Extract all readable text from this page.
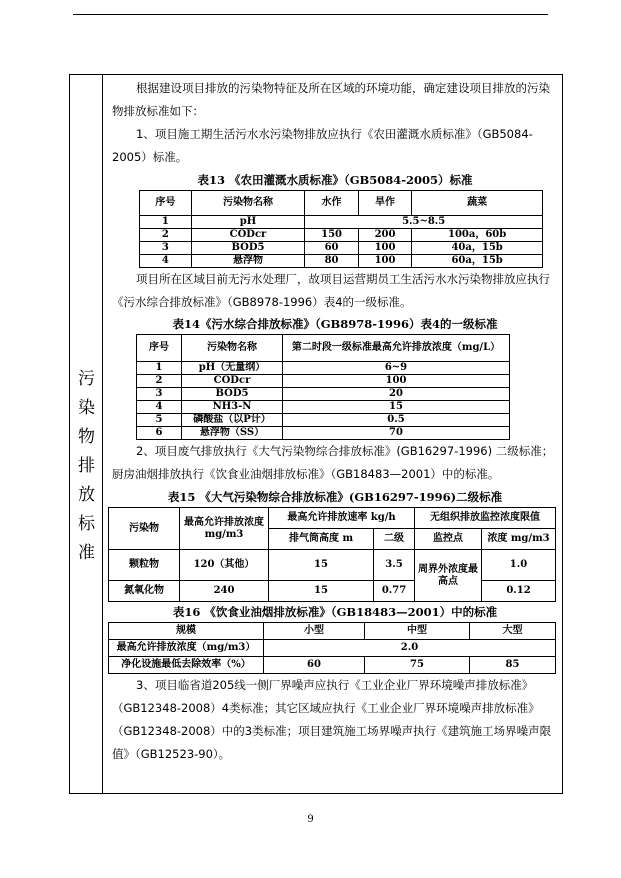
污
染
物
排
放
标
准

根据建设项目排放的污染物特征及所在区域的环境功能，确定建设项目排放的污染物排放标准如下：

1、项目施工期生活污水水污染物排放应执行《农田灌溉水质标准》（GB5084-2005）标准。

表13 《农田灌溉水质标准》（GB5084-2005）标准

序号	污染物名称	水作	旱作	蔬菜
1	pH	5.5~8.5		
2	CODcr	150	200	100a，60b
3	BOD5	60	100	40a，15b
4	悬浮物	80	100	60a，15b

项目所在区域目前无污水处理厂，故项目运营期员工生活污水水污染物排放应执行《污水综合排放标准》（GB8978-1996）表4的一级标准。

表14《污水综合排放标准》（GB8978-1996）表4的一级标准

序号	污染物名称	第二时段一级标准最高允许排放浓度（mg/L）
1	pH（无量纲）	6~9
2	CODcr	100
3	BOD5	20
4	NH3-N	15
5	磷酸盐（以P计）	0.5
6	悬浮物（SS）	70

2、项目废气排放执行《大气污染物综合排放标准》(GB16297-1996) 二级标准；厨房油烟排放执行《饮食业油烟排放标准》（GB18483—2001）中的标准。

表15 《大气污染物综合排放标准》(GB16297-1996)二级标准

污染物	最高允许排放浓度 mg/m3	最高允许排放速率 kg/h		无组织排放监控浓度限值	
		排气筒高度 m	二级	监控点	浓度 mg/m3
颗粒物	120（其他）	15	3.5	周界外浓度最高点	1.0
氮氧化物	240	15	0.77		0.12

表16 《饮食业油烟排放标准》（GB18483—2001）中的标准

规模	小型	中型	大型
最高允许排放浓度（mg/m3）	2.0		
净化设施最低去除效率（%）	60	75	85

3、项目临省道205线一侧厂界噪声应执行《工业企业厂界环境噪声排放标准》（GB12348-2008）4类标准；其它区域应执行《工业企业厂界环境噪声排放标准》（GB12348-2008）中的3类标准；项目建筑施工场界噪声执行《建筑施工场界噪声限值》（GB12523-90）。

9
